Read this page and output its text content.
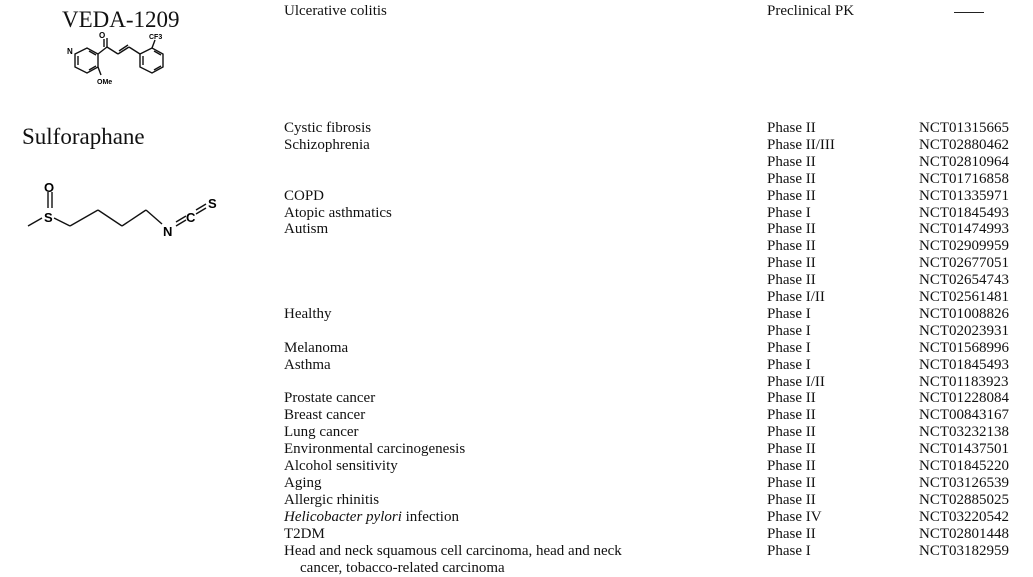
VEDA-1209
O	CF3
N
OMe
Ulcerative colitis	Preclinical PK
Sulforaphane
O
S
N
C
S
Cystic fibrosis	Phase II	NCT01315665
Schizophrenia	Phase II/III	NCT02880462
Phase II	NCT02810964
Phase II	NCT01716858
COPD	Phase II	NCT01335971
Atopic asthmatics	Phase I	NCT01845493
Autism	Phase II	NCT01474993
Phase II	NCT02909959
Phase II	NCT02677051
Phase II	NCT02654743
Phase I/II	NCT02561481
Healthy	Phase I	NCT01008826
Phase I	NCT02023931
Melanoma	Phase I	NCT01568996
Asthma	Phase I	NCT01845493
Phase I/II	NCT01183923
Prostate cancer	Phase II	NCT01228084
Breast cancer	Phase II	NCT00843167
Lung cancer	Phase II	NCT03232138
Environmental carcinogenesis	Phase II	NCT01437501
Alcohol sensitivity	Phase II	NCT01845220
Aging	Phase II	NCT03126539
Allergic rhinitis	Phase II	NCT02885025
Helicobacter pylori infection	Phase IV	NCT03220542
T2DM	Phase II	NCT02801448
Head and neck squamous cell carcinoma, head and neck
cancer, tobacco-related carcinoma
Phase I	NCT03182959
